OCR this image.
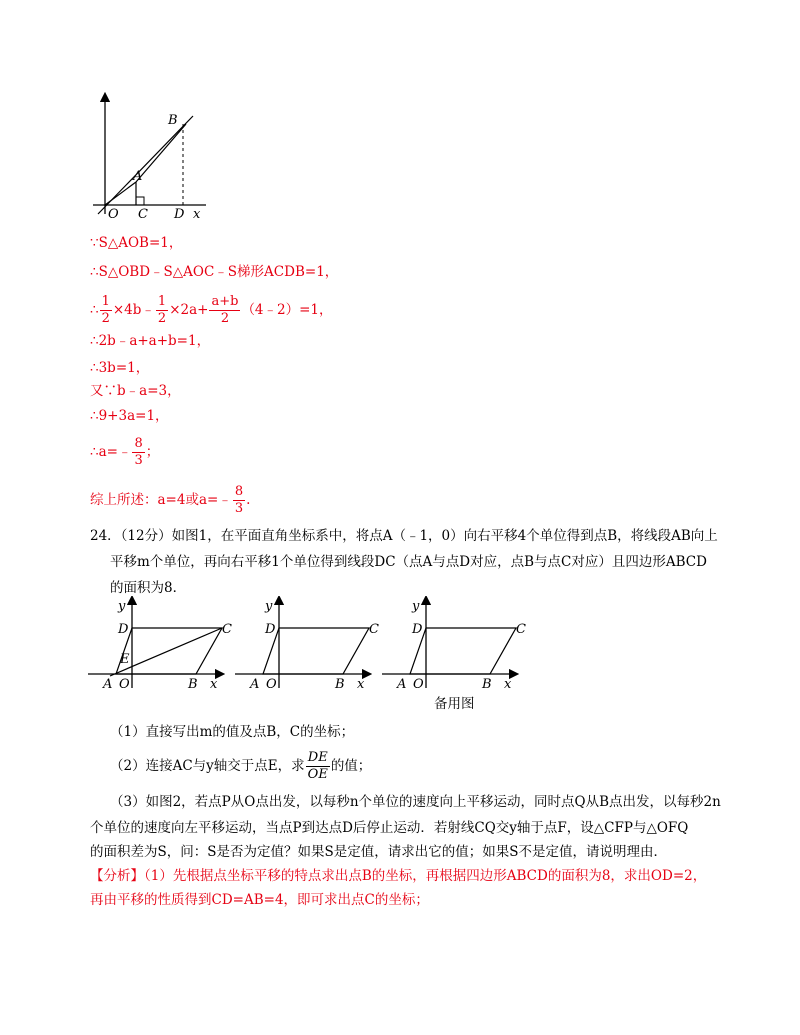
B
A
O C D x
∵S△AOB=1，
∴S△OBD﹣S△AOC﹣S梯形ACDB=1，
∴ $\frac{1}{2}$ ×4b﹣ $\frac{1}{2} \times 2a+ \frac{a+b}{2}$ （4﹣2）=1，
∴2b﹣a+a+b=1，
∴3b=1，
又∵b﹣a=3，
∴9+3a=1，
∴a=﹣ $\frac{8}{3}$ ；
综上所述：a=4或a=﹣ $\frac{8}{3}$ .
24．（12分）如图1，在平面直角坐标系中，将点A（﹣1，0）向右平移4个单位得到点B，将线段AB向上
平移m个单位，再向右平移1个单位得到线段DC（点A与点D对应，点B与点C对应）且四边形ABCD
的面积为8．
y
D	C
E
A O	B x
y
D	C
A O	B x
y
D	C
A O	B x
备用图
（1）直接写出m的值及点B，C的坐标；
（2）连接AC与y轴交于点E，求 $\frac{DE}{OE}$ 的值；
（3）如图2，若点P从O点出发，以每秒n个单位的速度向上平移运动，同时点Q从B点出发，以每秒2n
个单位的速度向左平移运动，当点P到达点D后停止运动．若射线CQ交y轴于点F，设△CFP与△OFQ
的面积差为S，问：S是否为定值？如果S是定值，请求出它的值；如果S不是定值，请说明理由．
【分析】（1）先根据点坐标平移的特点求出点B的坐标，再根据四边形ABCD的面积为8，求出OD=2，
再由平移的性质得到CD=AB=4，即可求出点C的坐标；
